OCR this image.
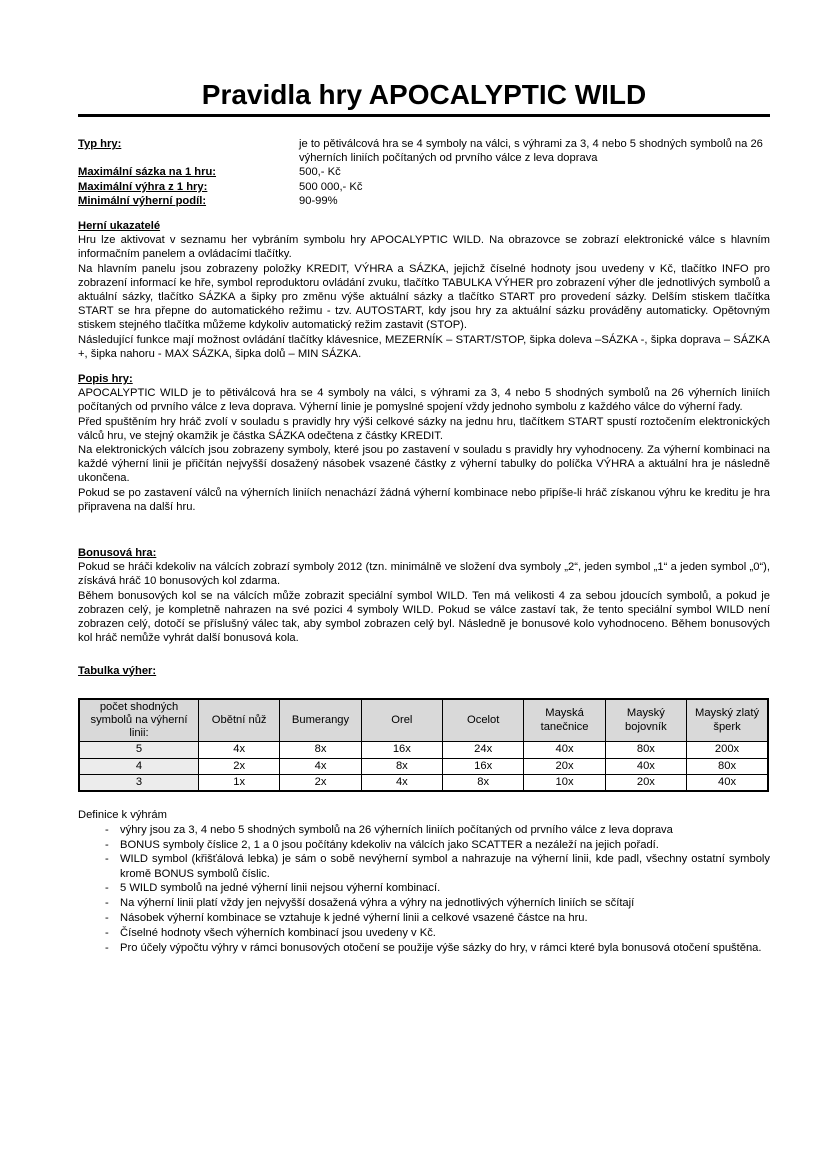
Pravidla hry APOCALYPTIC WILD
Typ hry:	je to pětiválcová hra se 4 symboly na válci, s výhrami za 3, 4 nebo 5 shodných symbolů na 26 výherních liniích počítaných od prvního válce z leva doprava
Maximální sázka na 1 hru:	500,- Kč
Maximální výhra z 1 hry:	500 000,- Kč
Minimální výherní podíl:	90-99%
Herní ukazatelé

Hru lze aktivovat v seznamu her vybráním symbolu hry APOCALYPTIC WILD. Na obrazovce se zobrazí elektronické válce s hlavním informačním panelem a ovládacími tlačítky.

Na hlavním panelu jsou zobrazeny položky KREDIT, VÝHRA a SÁZKA, jejichž číselné hodnoty jsou uvedeny v Kč, tlačítko INFO pro zobrazení informací ke hře, symbol reproduktoru ovládání zvuku, tlačítko TABULKA VÝHER pro zobrazení výher dle jednotlivých symbolů a aktuální sázky, tlačítko SÁZKA a šipky pro změnu výše aktuální sázky a tlačítko START pro provedení sázky. Delším stiskem tlačítka START se hra přepne do automatického režimu - tzv. AUTOSTART, kdy jsou hry za aktuální sázku prováděny automaticky. Opětovným stiskem stejného tlačítka můžeme kdykoliv automatický režim zastavit (STOP).

Následující funkce mají možnost ovládání tlačítky klávesnice, MEZERNÍK – START/STOP, šipka doleva –SÁZKA -, šipka doprava – SÁZKA +, šipka nahoru - MAX SÁZKA, šipka dolů – MIN SÁZKA.

Popis hry:

APOCALYPTIC WILD je to pětiválcová hra se 4 symboly na válci, s výhrami za 3, 4 nebo 5 shodných symbolů na 26 výherních liniích počítaných od prvního válce z leva doprava. Výherní linie je pomyslné spojení vždy jednoho symbolu z každého válce do výherní řady.

Před spuštěním hry hráč zvolí v souladu s pravidly hry výši celkové sázky na jednu hru, tlačítkem START spustí roztočením elektronických válců hru, ve stejný okamžik je částka SÁZKA odečtena z částky KREDIT.

Na elektronických válcích jsou zobrazeny symboly, které jsou po zastavení v souladu s pravidly hry vyhodnoceny. Za výherní kombinaci na každé výherní linii je přičítán nejvyšší dosažený násobek vsazené částky z výherní tabulky do políčka VÝHRA a aktuální hra je následně ukončena.

Pokud se po zastavení válců na výherních liniích nenachází žádná výherní kombinace nebo připíše-li hráč získanou výhru ke kreditu je hra připravena na další hru.

Bonusová hra:

Pokud se hráči kdekoliv na válcích zobrazí symboly 2012 (tzn. minimálně ve složení dva symboly „2“, jeden symbol „1“ a jeden symbol „0“), získává hráč 10 bonusových kol zdarma.

Během bonusových kol se na válcích může zobrazit speciální symbol WILD. Ten má velikosti 4 za sebou jdoucích symbolů, a pokud je zobrazen celý, je kompletně nahrazen na své pozici 4 symboly WILD. Pokud se válce zastaví tak, že tento speciální symbol WILD není zobrazen celý, dotočí se příslušný válec tak, aby symbol zobrazen celý byl. Následně je bonusové kolo vyhodnoceno. Během bonusových kol hráč nemůže vyhrát další bonusová kola.

Tabulka výher:
počet shodných symbolů na výherní linii:	Obětní nůž	Bumerangy	Orel	Ocelot	Mayská tanečnice	Mayský bojovník	Mayský zlatý šperk
5	4x	8x	16x	24x	40x	80x	200x
4	2x	4x	8x	16x	20x	40x	80x
3	1x	2x	4x	8x	10x	20x	40x
Definice k výhrám
-	výhry jsou za 3, 4 nebo 5 shodných symbolů na 26 výherních liniích počítaných od prvního válce z leva doprava
-	BONUS symboly číslice 2, 1 a 0 jsou počítány kdekoliv na válcích jako SCATTER a nezáleží na jejich pořadí.
-	WILD symbol (křišťálová lebka) je sám o sobě nevýherní symbol a nahrazuje na výherní linii, kde padl, všechny ostatní symboly kromě BONUS symbolů číslic.
-	5 WILD symbolů na jedné výherní linii nejsou výherní kombinací.
-	Na výherní linii platí vždy jen nejvyšší dosažená výhra a výhry na jednotlivých výherních liniích se sčítají
-	Násobek výherní kombinace se vztahuje k jedné výherní linii a celkové vsazené částce na hru.
-	Číselné hodnoty všech výherních kombinací jsou uvedeny v Kč.
-	Pro účely výpočtu výhry v rámci bonusových otočení se použije výše sázky do hry, v rámci které byla bonusová otočení spuštěna.
